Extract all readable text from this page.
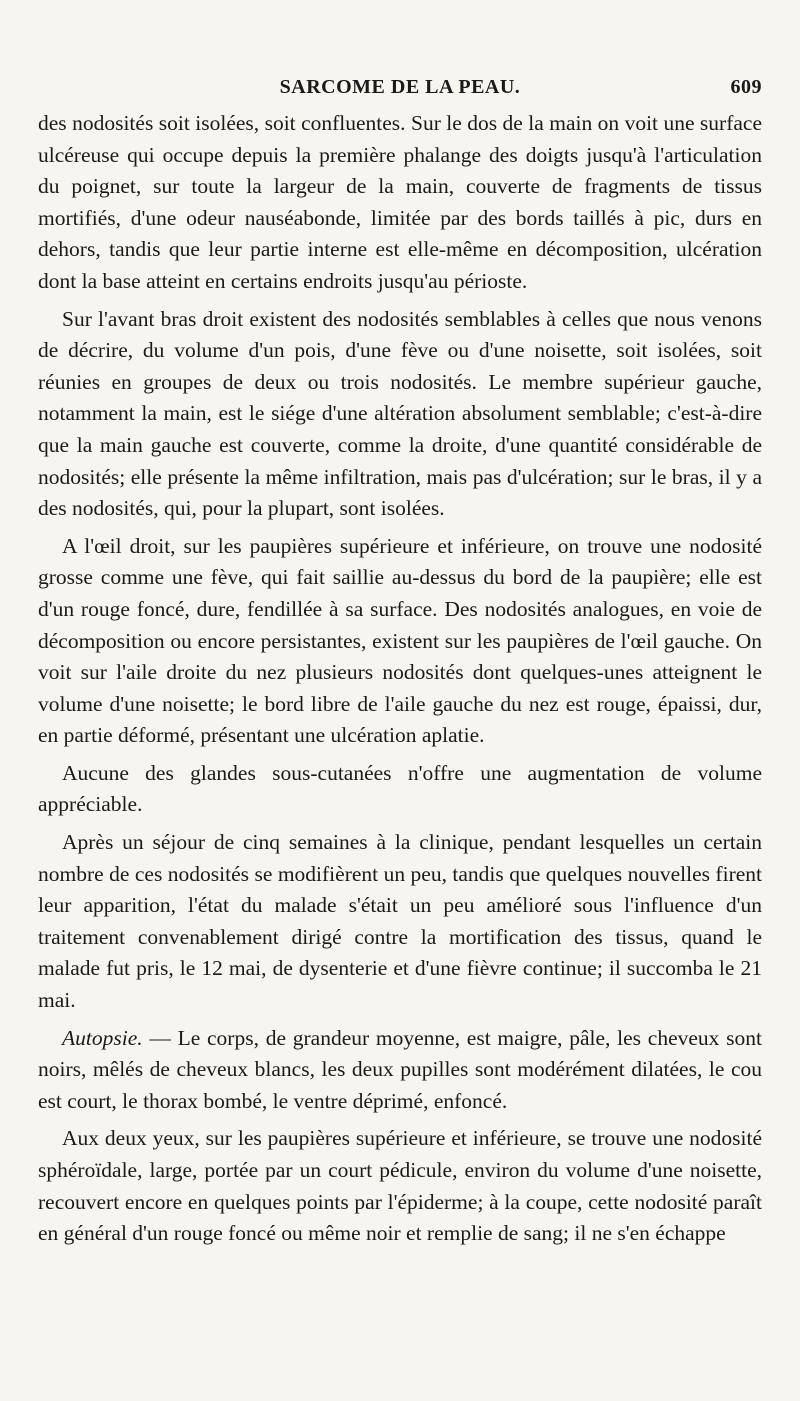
SARCOME DE LA PEAU.	609

des nodosités soit isolées, soit confluentes. Sur le dos de la main on voit une surface ulcéreuse qui occupe depuis la première phalange des doigts jusqu'à l'articulation du poignet, sur toute la largeur de la main, couverte de fragments de tissus mortifiés, d'une odeur nauséabonde, limitée par des bords taillés à pic, durs en dehors, tandis que leur partie interne est elle-même en décomposition, ulcération dont la base atteint en certains endroits jusqu'au périoste.

Sur l'avant bras droit existent des nodosités semblables à celles que nous venons de décrire, du volume d'un pois, d'une fève ou d'une noisette, soit isolées, soit réunies en groupes de deux ou trois nodosités. Le membre supérieur gauche, notamment la main, est le siége d'une altération absolument semblable; c'est-à-dire que la main gauche est couverte, comme la droite, d'une quantité considérable de nodosités; elle présente la même infiltration, mais pas d'ulcération; sur le bras, il y a des nodosités, qui, pour la plupart, sont isolées.

A l'œil droit, sur les paupières supérieure et inférieure, on trouve une nodosité grosse comme une fève, qui fait saillie au-dessus du bord de la paupière; elle est d'un rouge foncé, dure, fendillée à sa surface. Des nodosités analogues, en voie de décomposition ou encore persistantes, existent sur les paupières de l'œil gauche. On voit sur l'aile droite du nez plusieurs nodosités dont quelques-unes atteignent le volume d'une noisette; le bord libre de l'aile gauche du nez est rouge, épaissi, dur, en partie déformé, présentant une ulcération aplatie.

Aucune des glandes sous-cutanées n'offre une augmentation de volume appréciable.

Après un séjour de cinq semaines à la clinique, pendant lesquelles un certain nombre de ces nodosités se modifièrent un peu, tandis que quelques nouvelles firent leur apparition, l'état du malade s'était un peu amélioré sous l'influence d'un traitement convenablement dirigé contre la mortification des tissus, quand le malade fut pris, le 12 mai, de dysenterie et d'une fièvre continue; il succomba le 21 mai.

Autopsie. — Le corps, de grandeur moyenne, est maigre, pâle, les cheveux sont noirs, mêlés de cheveux blancs, les deux pupilles sont modérément dilatées, le cou est court, le thorax bombé, le ventre déprimé, enfoncé.

Aux deux yeux, sur les paupières supérieure et inférieure, se trouve une nodosité sphéroïdale, large, portée par un court pédicule, environ du volume d'une noisette, recouvert encore en quelques points par l'épiderme; à la coupe, cette nodosité paraît en général d'un rouge foncé ou même noir et remplie de sang; il ne s'en échappe
